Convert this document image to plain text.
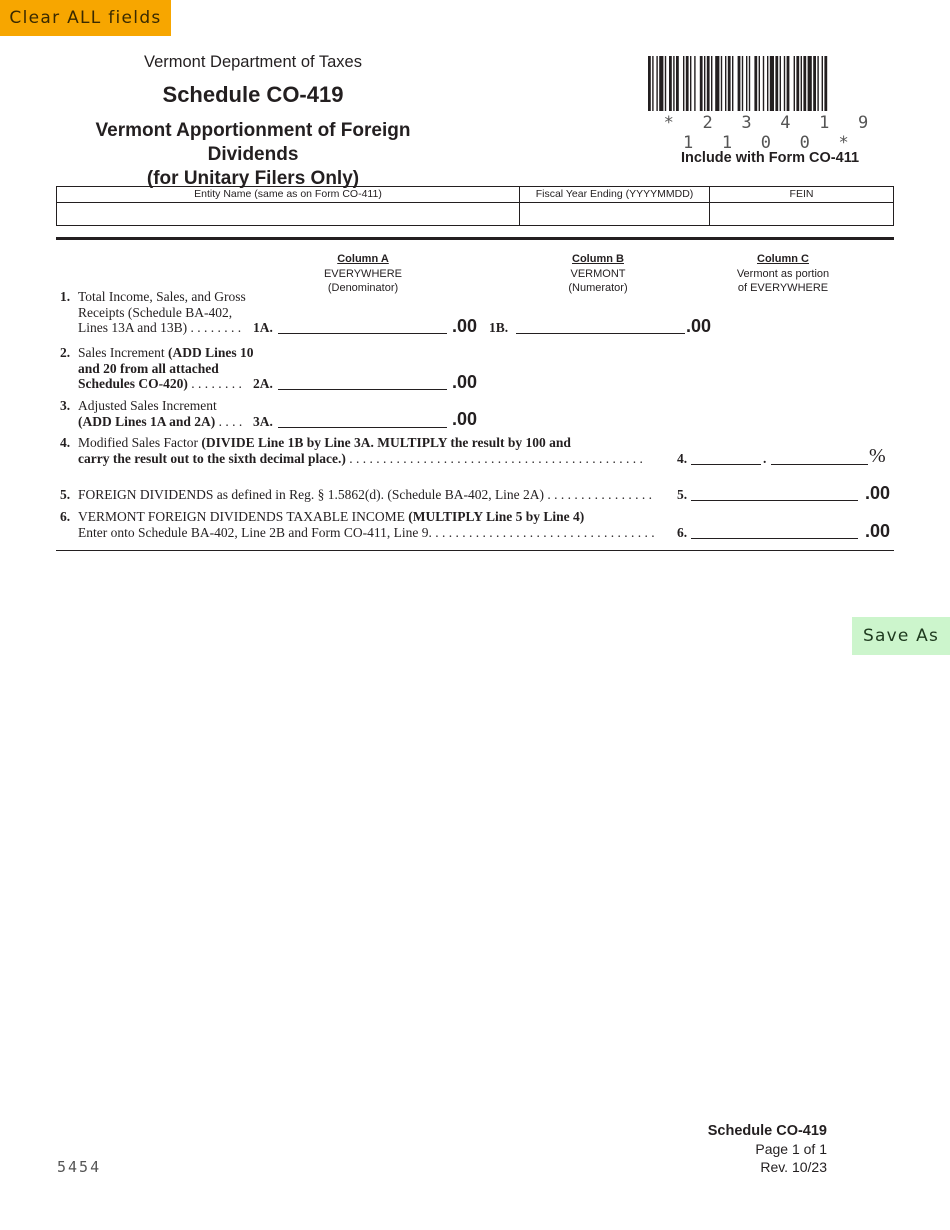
Clear ALL fields
Save As
Vermont Department of Taxes
Schedule CO-419
Vermont Apportionment of Foreign Dividends
(for Unitary Filers Only)
* 2 3 4 1 9 1 1 0 0 *
Include with Form CO-411
Entity Name (same as on Form CO-411)	Fiscal Year Ending (YYYYMMDD)	FEIN
Column A
EVERYWHERE
(Denominator)
Column B
VERMONT
(Numerator)
Column C
Vermont as portion
of EVERYWHERE
1. Total Income, Sales, and Gross
Receipts (Schedule BA-402,
Lines 13A and 13B) . . . . . . . . 1A.	.00 1B.	.00
2. Sales Increment (ADD Lines 10
and 20 from all attached
Schedules CO-420) . . . . . . . . 2A.	.00
3. Adjusted Sales Increment
(ADD Lines 1A and 2A) . . . . 3A.	.00
4. Modified Sales Factor (DIVIDE Line 1B by Line 3A. MULTIPLY the result by 100 and
carry the result out to the sixth decimal place.) . . . . . . . . . . . . . . . . . . . . . . . . . . . . . . . . . . . . . . . . . . . .	4.	.	%
5. FOREIGN DIVIDENDS as defined in Reg. § 1.5862(d). (Schedule BA-402, Line 2A) . . . . . . . . . . . . . . . .	5.	.00
6. VERMONT FOREIGN DIVIDENDS TAXABLE INCOME (MULTIPLY Line 5 by Line 4)
Enter onto Schedule BA-402, Line 2B and Form CO-411, Line 9. . . . . . . . . . . . . . . . . . . . . . . . . . . . . . . . . .	6.	.00
Schedule CO-419
Page 1 of 1
Rev. 10/23
5454
